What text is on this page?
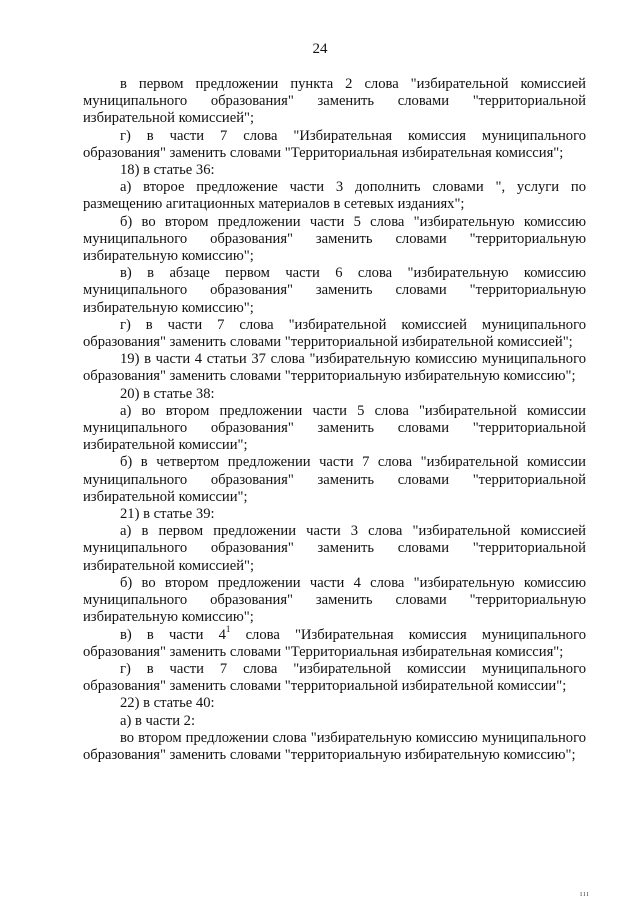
24

в первом предложении пункта 2 слова "избирательной комиссией муниципального образования" заменить словами "территориальной избирательной комиссией";

г) в части 7 слова "Избирательная комиссия муниципального образования" заменить словами "Территориальная избирательная комиссия";

18) в статье 36:

а) второе предложение части 3 дополнить словами ", услуги по размещению агитационных материалов в сетевых изданиях";

б) во втором предложении части 5 слова "избирательную комиссию муниципального образования" заменить словами "территориальную избирательную комиссию";

в) в абзаце первом части 6 слова "избирательную комиссию муниципального образования" заменить словами "территориальную избирательную комиссию";

г) в части 7 слова "избирательной комиссией муниципального образования" заменить словами "территориальной избирательной комиссией";

19) в части 4 статьи 37 слова "избирательную комиссию муниципального образования" заменить словами "территориальную избирательную комиссию";

20) в статье 38:

а) во втором предложении части 5 слова "избирательной комиссии муниципального образования" заменить словами "территориальной избирательной комиссии";

б) в четвертом предложении части 7 слова "избирательной комиссии муниципального образования" заменить словами "территориальной избирательной комиссии";

21) в статье 39:

а) в первом предложении части 3 слова "избирательной комиссией муниципального образования" заменить словами "территориальной избирательной комиссией";

б) во втором предложении части 4 слова "избирательную комиссию муниципального образования" заменить словами "территориальную избирательную комиссию";

в) в части $4^1$ слова "Избирательная комиссия муниципального образования" заменить словами "Территориальная избирательная комиссия";

г) в части 7 слова "избирательной комиссии муниципального образования" заменить словами "территориальной избирательной комиссии";

22) в статье 40:

а) в части 2:

во втором предложении слова "избирательную комиссию муниципального образования" заменить словами "территориальную избирательную комиссию";

ııı
